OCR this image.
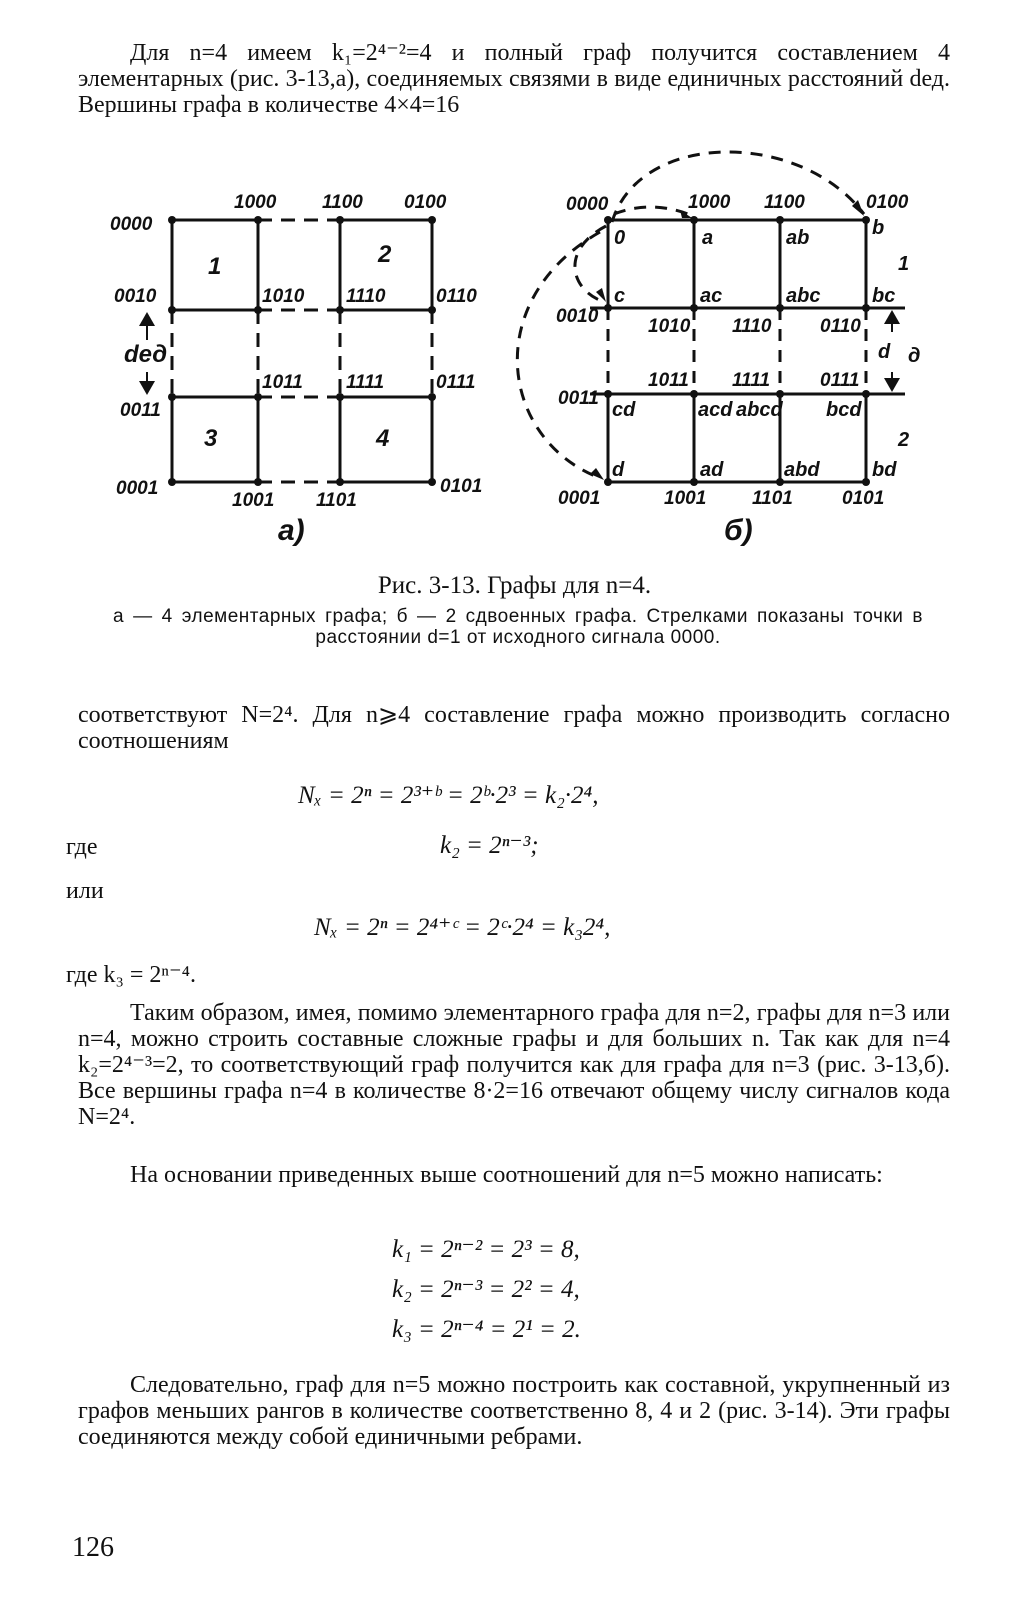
Для n=4 имеем k₁=2⁴⁻²=4 и полный граф получится составлением 4 элементарных (рис. 3-13,a), соединяемых связями в виде единичных расстояний dед. Вершины графа в количестве 4×4=16
0000
1000 1100 0100
0010	1010 1110	0110
0011
1011 1111	0111
0001
1001 1101
0101
1	2
3	4
dед
а)
0000	1000 1100	0100
0010	1010 1110	0110
0011
1011 1111	0111
0001	1001 1101	0101
0	a	ab	b
c	ac	abc	bc
cd	acd abcd bcd
d	ad	abd	bd
1
d д
2
б)
Рис. 3-13. Графы для n=4.
а — 4 элементарных графа; б — 2 сдвоенных графа. Стрелками показаны точки в расстоянии d=1 от исходного сигнала 0000.
соответствуют N=2⁴. Для n⩾4 составление графа можно производить согласно соотношениям
Nₓ = 2ⁿ = 2³⁺ᵇ = 2ᵇ·2³ = k₂·2⁴,
где	k₂ = 2ⁿ⁻³;
или
Nₓ = 2ⁿ = 2⁴⁺ᶜ = 2ᶜ·2⁴ = k₃2⁴,
где k₃ = 2ⁿ⁻⁴.
Таким образом, имея, помимо элементарного графа для n=2, графы для n=3 или n=4, можно строить составные сложные графы и для больших n. Так как для n=4 k₂=2⁴⁻³=2, то соответствующий граф получится как для графа для n=3 (рис. 3-13,б). Все вершины графа n=4 в количестве 8·2=16 отвечают общему числу сигналов кода N=2⁴.
На основании приведенных выше соотношений для n=5 можно написать:
k₁ = 2ⁿ⁻² = 2³ = 8,
k₂ = 2ⁿ⁻³ = 2² = 4,
k₃ = 2ⁿ⁻⁴ = 2¹ = 2.
Следовательно, граф для n=5 можно построить как составной, укрупненный из графов меньших рангов в количестве соответственно 8, 4 и 2 (рис. 3-14). Эти графы соединяются между собой единичными ребрами.
126
